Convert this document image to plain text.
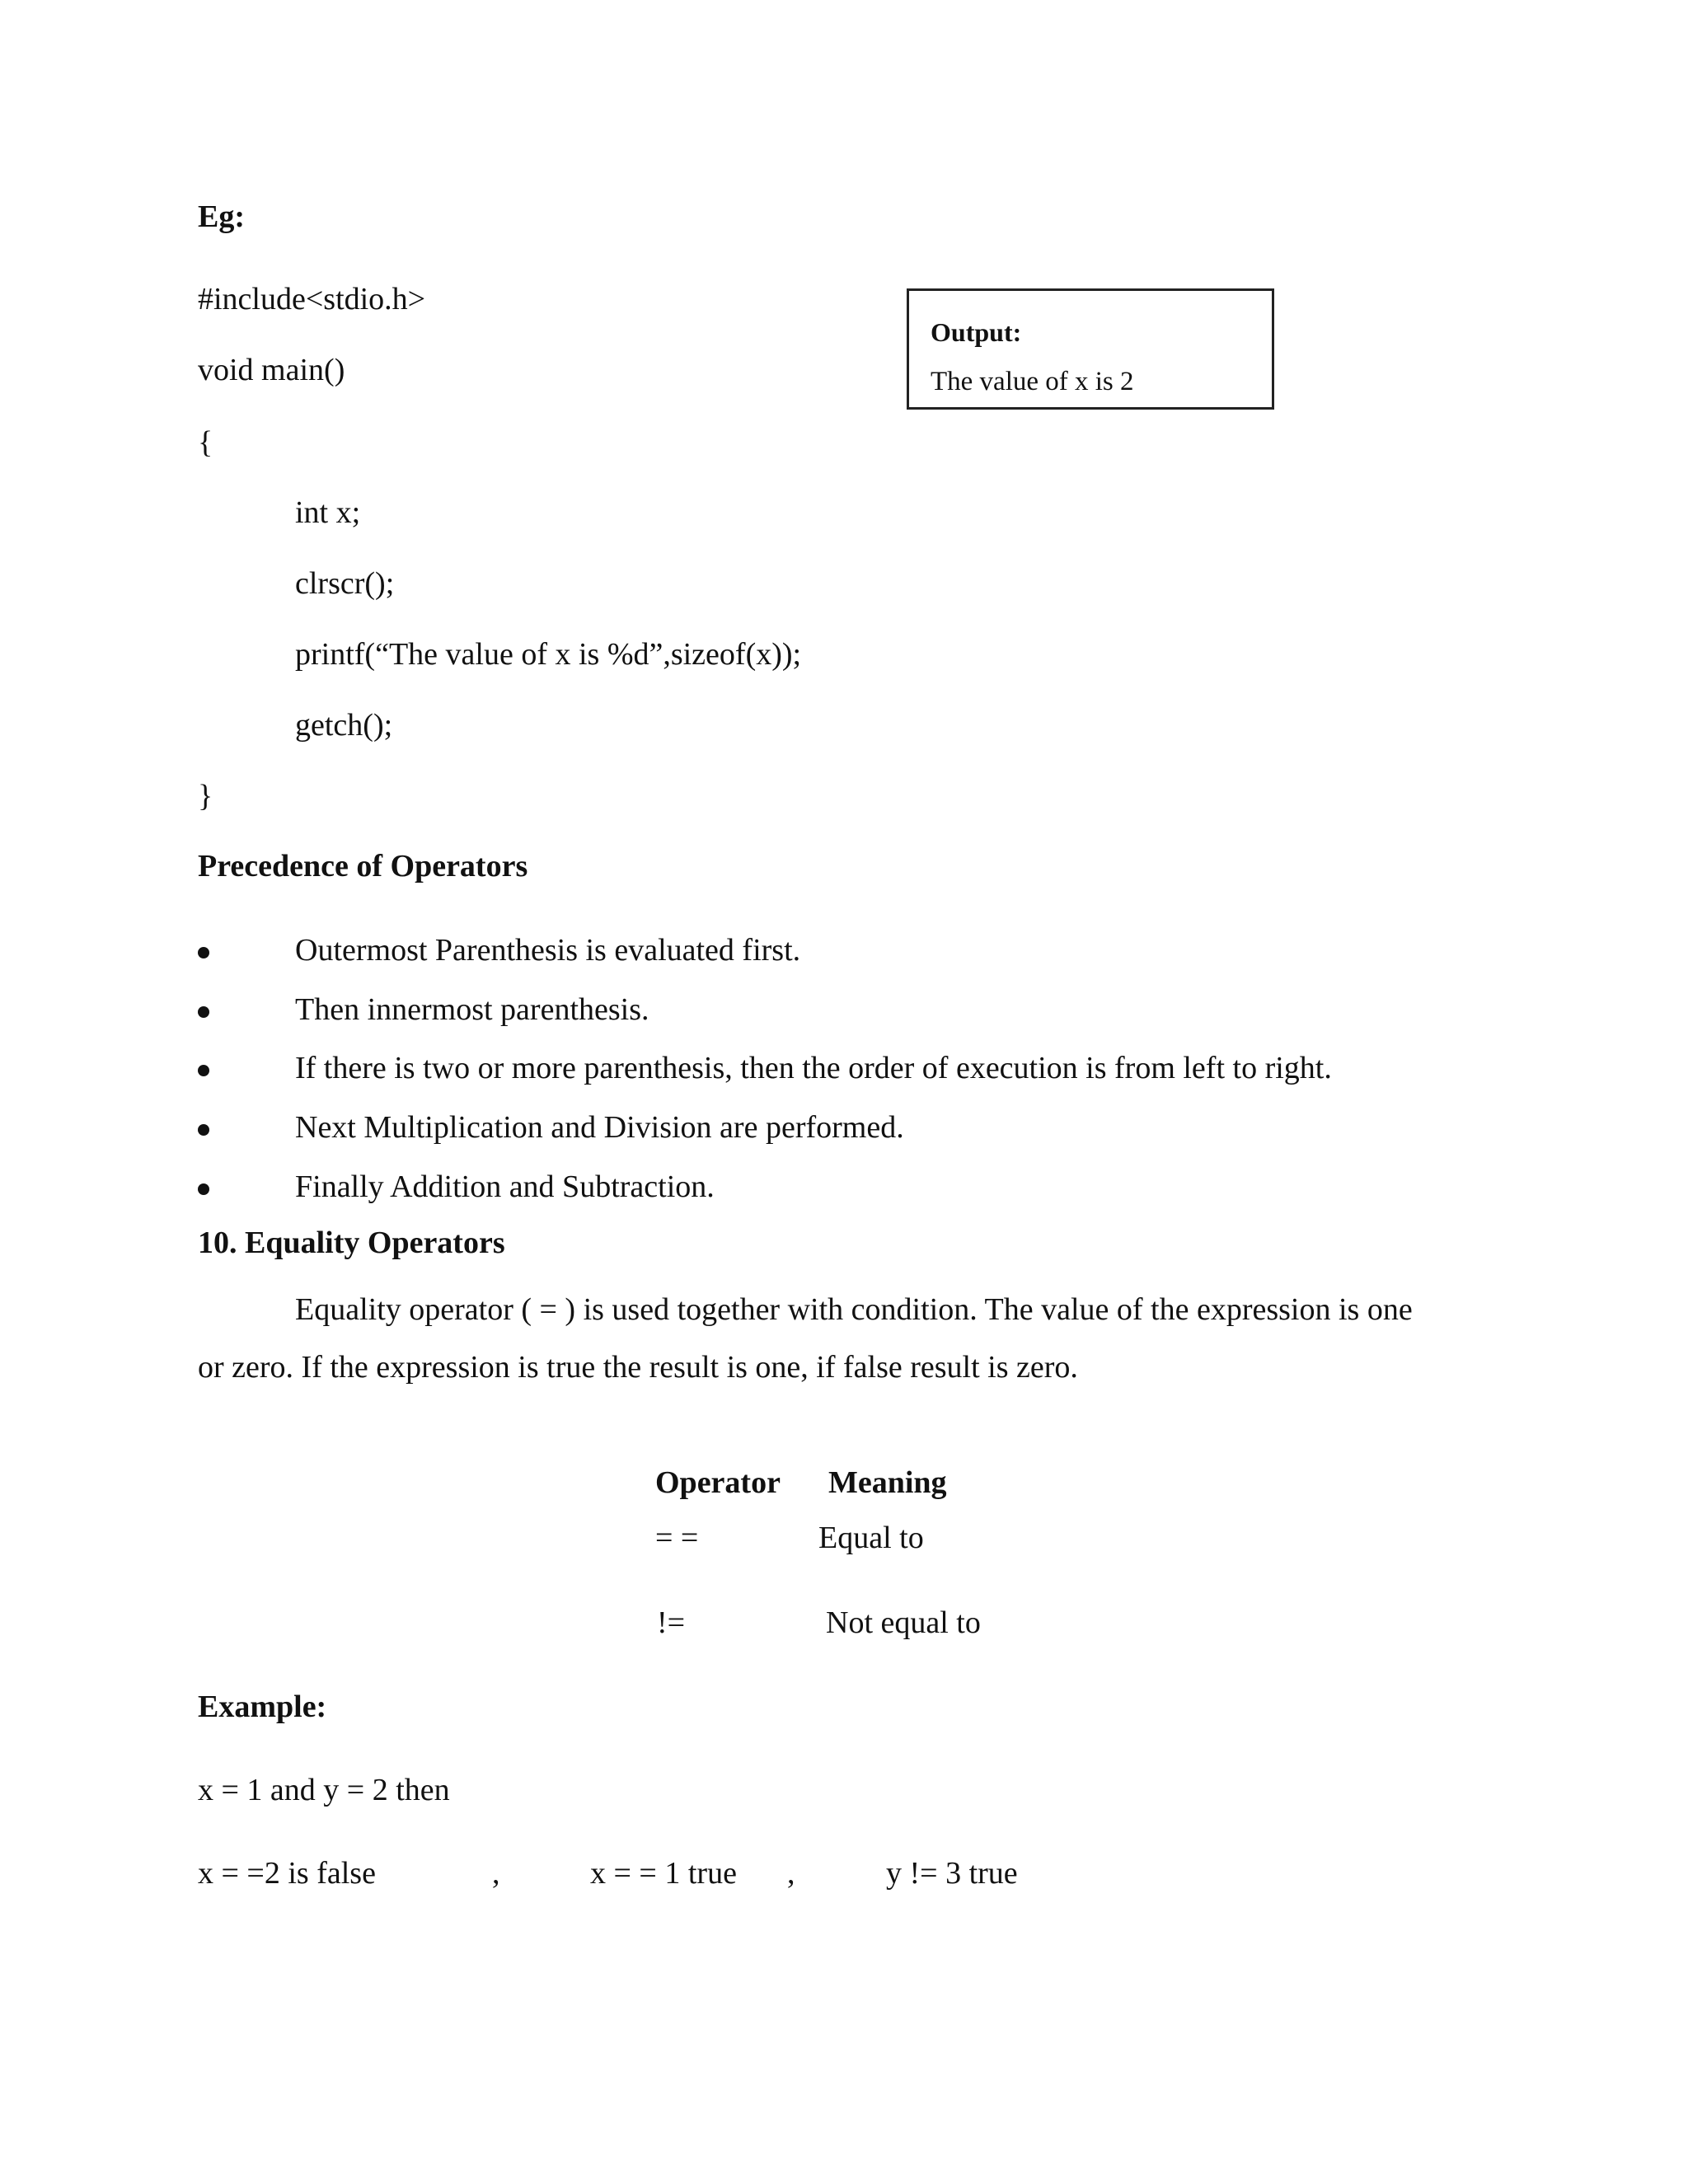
Eg:
#include<stdio.h>
void main()
{
int x;
clrscr();
printf(“The value of x is %d”,sizeof(x));
getch();
}
Output:
The value of x is 2
Precedence of Operators
Outermost Parenthesis is evaluated first.
Then innermost parenthesis.
If there is two or more parenthesis, then the order of execution is from left to right.
Next Multiplication and Division are performed.
Finally Addition and Subtraction.
10. Equality Operators
Equality operator ( = ) is used together with condition. The value of the expression is one
or zero. If the expression is true the result is one, if false result is zero.
Operator Meaning
= =	Equal to
!=	Not equal to
Example:
x = 1 and y = 2 then
x = =2 is false	,	x = = 1 true ,	y != 3 true
